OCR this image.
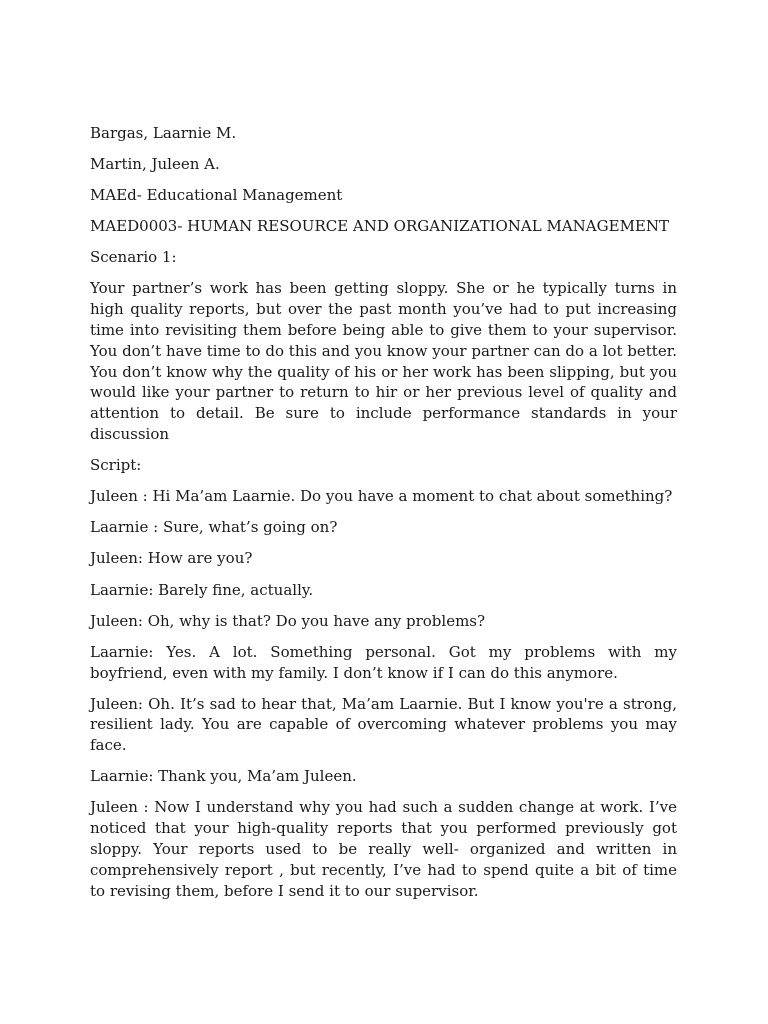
Bargas, Laarnie M.

Martin, Juleen A.

MAEd- Educational Management

MAED0003- HUMAN RESOURCE AND ORGANIZATIONAL MANAGEMENT

Scenario 1:

Your partner’s work has been getting sloppy. She or he typically turns in high quality reports, but over the past month you’ve had to put increasing time into revisiting them before being able to give them to your supervisor. You don’t have time to do this and you know your partner can do a lot better. You don’t know why the quality of his or her work has been slipping, but you would like your partner to return to hir or her previous level of quality and attention to detail. Be sure to include performance standards in your discussion

Script:

Juleen : Hi Ma’am Laarnie. Do you have a moment to chat about something?

Laarnie : Sure, what’s going on?

Juleen: How are you?

Laarnie: Barely fine, actually.

Juleen: Oh, why is that? Do you have any problems?

Laarnie: Yes. A lot. Something personal. Got my problems with my boyfriend, even with my family. I don’t know if I can do this anymore.

Juleen: Oh. It’s sad to hear that, Ma’am Laarnie. But I know you're a strong, resilient lady. You are capable of overcoming whatever problems you may face.

Laarnie: Thank you, Ma’am Juleen.

Juleen : Now I understand why you had such a sudden change at work. I’ve noticed that your high-quality reports that you performed previously got sloppy. Your reports used to be really well- organized and written in comprehensively report , but recently, I’ve had to spend quite a bit of time to revising them, before I send it to our supervisor.
